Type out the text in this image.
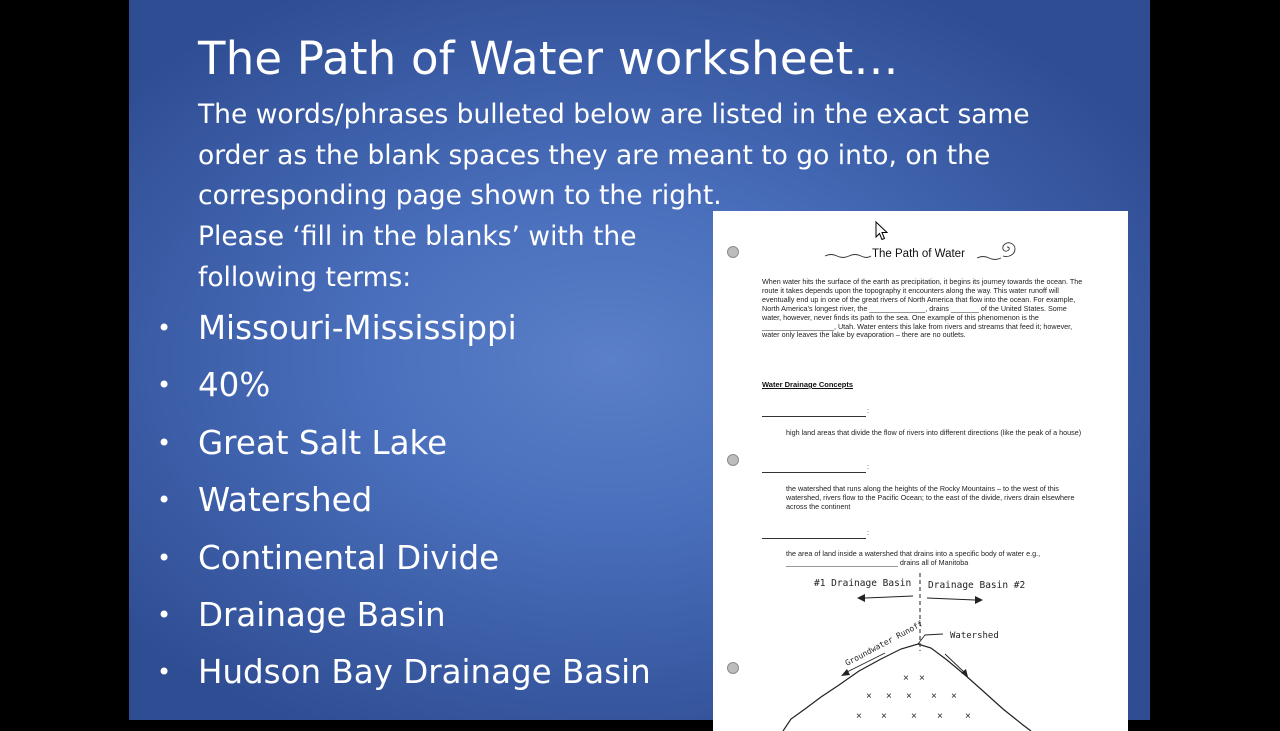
The Path of Water worksheet…
The words/phrases bulleted below are listed in the exact same order as the blank spaces they are meant to go into, on the corresponding page shown to the right.
Please ‘fill in the blanks’ with the following terms:
• Missouri-Mississippi
• 40%
• Great Salt Lake
• Watershed
• Continental Divide
• Drainage Basin
• Hudson Bay Drainage Basin
#1 Drainage Basin Drainage Basin #2
Watershed
Groundwater Runoff
× ×
× × × × ×
× × × × ×
The Path of Water
When water hits the surface of the earth as precipitation, it begins its journey towards the ocean. The route it takes depends upon the topography it encounters along the way. This water runoff will eventually end up in one of the great rivers of North America that flow into the ocean. For example, North America’s longest river, the ______________, drains _______ of the United States. Some water, however, never finds its path to the sea. One example of this phenomenon is the __________________, Utah. Water enters this lake from rivers and streams that feed it; however, water only leaves the lake by evaporation – there are no outlets.
Water Drainage Concepts
:
high land areas that divide the flow of rivers into different directions (like the peak of a house)
:
the watershed that runs along the heights of the Rocky Mountains – to the west of this watershed, rivers flow to the Pacific Ocean; to the east of the divide, rivers drain elsewhere across the continent
:
the area of land inside a watershed that drains into a specific body of water e.g., ____________________________ drains all of Manitoba
